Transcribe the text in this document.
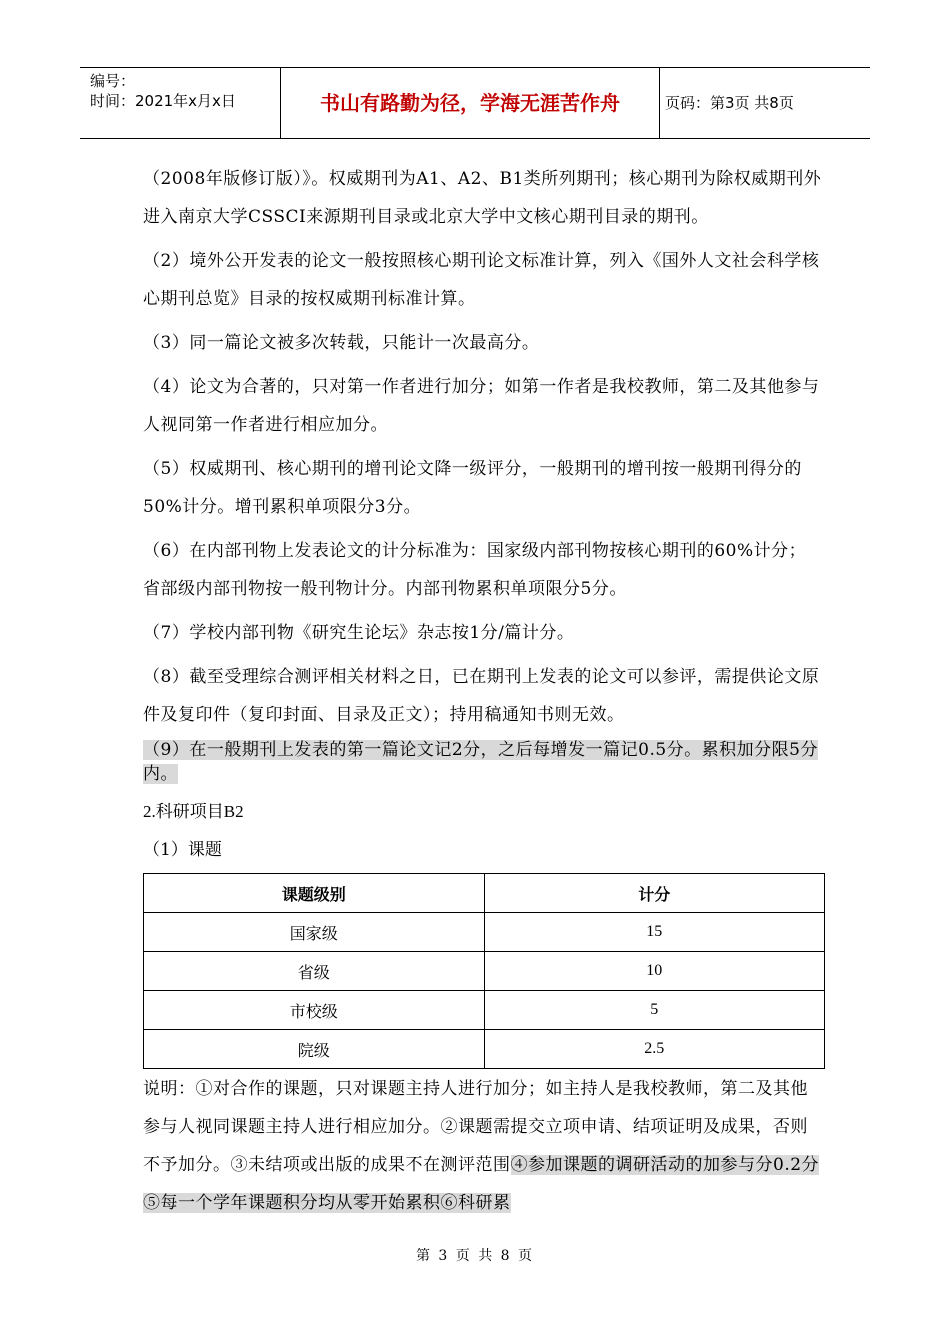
编号：
时间：2021年x月x日	书山有路勤为径，学海无涯苦作舟	页码：第3页 共8页

（2008年版修订版）》。权威期刊为A1、A2、B1类所列期刊；核心期刊为除权威期刊外进入南京大学CSSCI来源期刊目录或北京大学中文核心期刊目录的期刊。

（2）境外公开发表的论文一般按照核心期刊论文标准计算，列入《国外人文社会科学核心期刊总览》目录的按权威期刊标准计算。

（3）同一篇论文被多次转载，只能计一次最高分。

（4）论文为合著的，只对第一作者进行加分；如第一作者是我校教师，第二及其他参与人视同第一作者进行相应加分。

（5）权威期刊、核心期刊的增刊论文降一级评分，一般期刊的增刊按一般期刊得分的50%计分。增刊累积单项限分3分。

（6）在内部刊物上发表论文的计分标准为：国家级内部刊物按核心期刊的60%计分；省部级内部刊物按一般刊物计分。内部刊物累积单项限分5分。

（7）学校内部刊物《研究生论坛》杂志按1分/篇计分。

（8）截至受理综合测评相关材料之日，已在期刊上发表的论文可以参评，需提供论文原件及复印件（复印封面、目录及正文）；持用稿通知书则无效。

（9）在一般期刊上发表的第一篇论文记2分，之后每增发一篇记0.5分。累积加分限5分内。

2.科研项目B2
（1）课题
课题级别	计分
国家级	15
省级	10
市校级	5
院级	2.5

说明：①对合作的课题，只对课题主持人进行加分；如主持人是我校教师，第二及其他参与人视同课题主持人进行相应加分。②课题需提交立项申请、结项证明及成果，否则不予加分。③未结项或出版的成果不在测评范围④参加课题的调研活动的加参与分0.2分⑤每一个学年课题积分均从零开始累积⑥科研累

第 3 页 共 8 页
